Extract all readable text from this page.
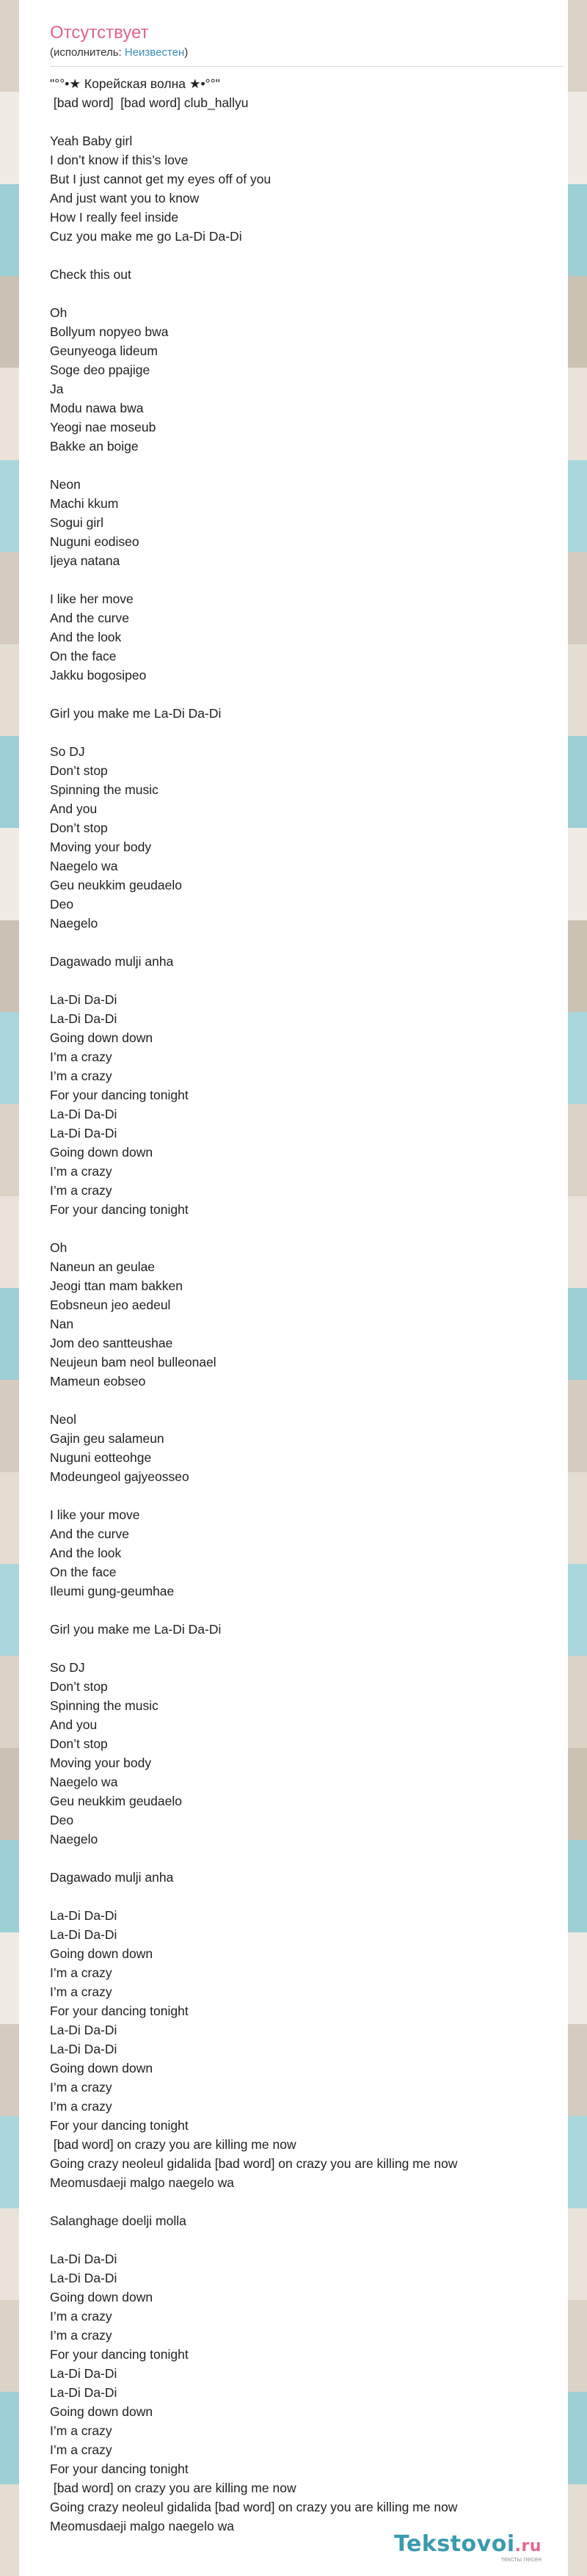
Отсутствует
(исполнитель: Неизвестен)
"°°•★ Корейская волна ★•°°"
[bad word]  [bad word] club_hallyu

Yeah Baby girl
I don’t know if this’s love
But I just cannot get my eyes off of you
And just want you to know
How I really feel inside
Cuz you make me go La-Di Da-Di

Check this out

Oh
Bollyum nopyeo bwa
Geunyeoga lideum
Soge deo ppajige
Ja
Modu nawa bwa
Yeogi nae moseub
Bakke an boige

Neon
Machi kkum
Sogui girl
Nuguni eodiseo
Ijeya natana

I like her move
And the curve
And the look
On the face
Jakku bogosipeo

Girl you make me La-Di Da-Di

So DJ
Don’t stop
Spinning the music
And you
Don’t stop
Moving your body
Naegelo wa
Geu neukkim geudaelo
Deo
Naegelo

Dagawado mulji anha

La-Di Da-Di
La-Di Da-Di
Going down down
I’m a crazy
I’m a crazy
For your dancing tonight
La-Di Da-Di
La-Di Da-Di
Going down down
I’m a crazy
I’m a crazy
For your dancing tonight

Oh
Naneun an geulae
Jeogi ttan mam bakken
Eobsneun jeo aedeul
Nan
Jom deo santteushae
Neujeun bam neol bulleonael
Mameun eobseo

Neol
Gajin geu salameun
Nuguni eotteohge
Modeungeol gajyeosseo

I like your move
And the curve
And the look
On the face
Ileumi gung-geumhae

Girl you make me La-Di Da-Di

So DJ
Don’t stop
Spinning the music
And you
Don’t stop
Moving your body
Naegelo wa
Geu neukkim geudaelo
Deo
Naegelo

Dagawado mulji anha

La-Di Da-Di
La-Di Da-Di
Going down down
I’m a crazy
I’m a crazy
For your dancing tonight
La-Di Da-Di
La-Di Da-Di
Going down down
I’m a crazy
I’m a crazy
For your dancing tonight
[bad word] on crazy you are killing me now
Going crazy neoleul gidalida [bad word] on crazy you are killing me now
Meomusdaeji malgo naegelo wa

Salanghage doelji molla

La-Di Da-Di
La-Di Da-Di
Going down down
I’m a crazy
I’m a crazy
For your dancing tonight
La-Di Da-Di
La-Di Da-Di
Going down down
I’m a crazy
I’m a crazy
For your dancing tonight
[bad word] on crazy you are killing me now
Going crazy neoleul gidalida [bad word] on crazy you are killing me now
Meomusdaeji malgo naegelo wa
Tekstovoi.ru
тексты песен
